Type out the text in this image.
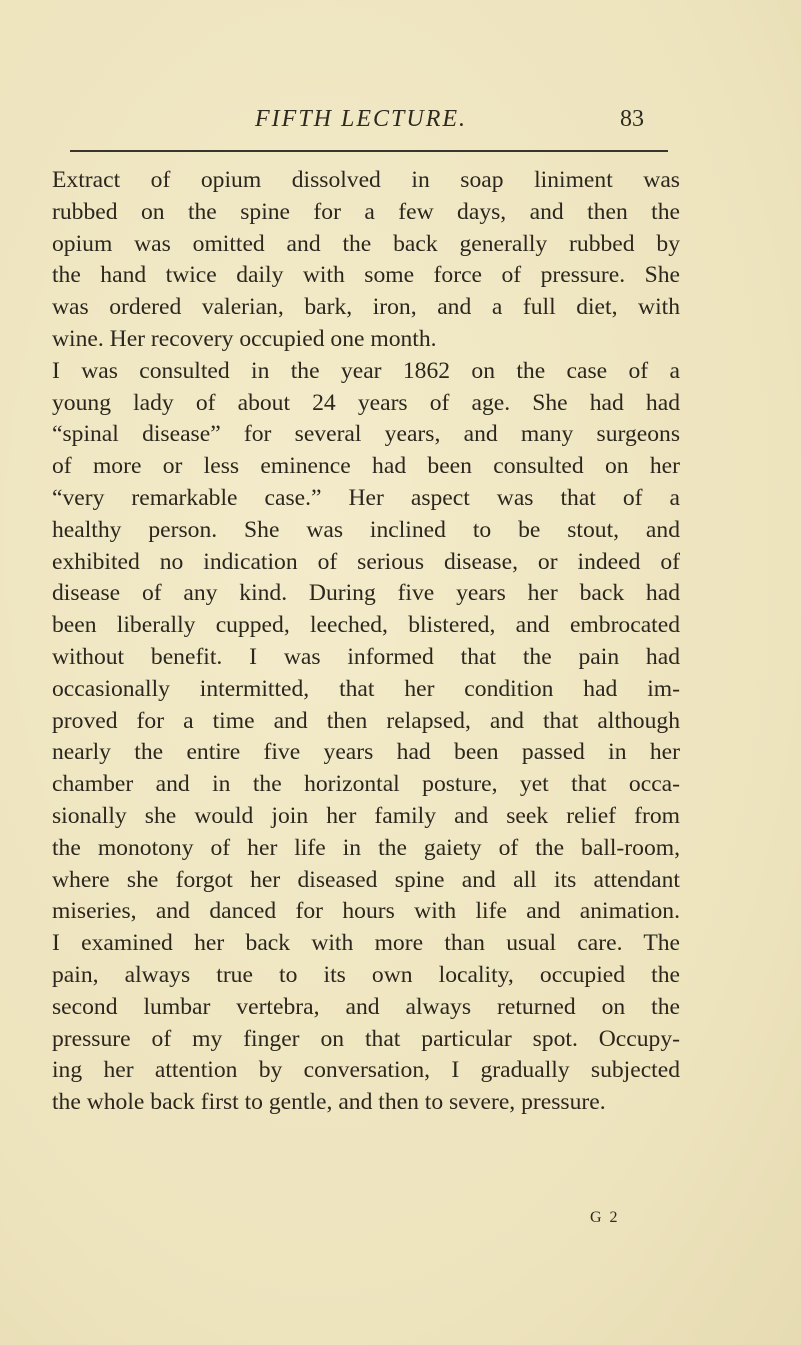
FIFTH LECTURE.	83
Extract of opium dissolved in soap liniment was
rubbed on the spine for a few days, and then the
opium was omitted and the back generally rubbed by
the hand twice daily with some force of pressure. She
was ordered valerian, bark, iron, and a full diet, with
wine. Her recovery occupied one month.
I was consulted in the year 1862 on the case of a
young lady of about 24 years of age. She had had
“spinal disease” for several years, and many surgeons
of more or less eminence had been consulted on her
“very remarkable case.” Her aspect was that of a
healthy person. She was inclined to be stout, and
exhibited no indication of serious disease, or indeed of
disease of any kind. During five years her back had
been liberally cupped, leeched, blistered, and embrocated
without benefit. I was informed that the pain had
occasionally intermitted, that her condition had im-
proved for a time and then relapsed, and that although
nearly the entire five years had been passed in her
chamber and in the horizontal posture, yet that occa-
sionally she would join her family and seek relief from
the monotony of her life in the gaiety of the ball-room,
where she forgot her diseased spine and all its attendant
miseries, and danced for hours with life and animation.
I examined her back with more than usual care. The
pain, always true to its own locality, occupied the
second lumbar vertebra, and always returned on the
pressure of my finger on that particular spot. Occupy-
ing her attention by conversation, I gradually subjected
the whole back first to gentle, and then to severe, pressure.
G 2
